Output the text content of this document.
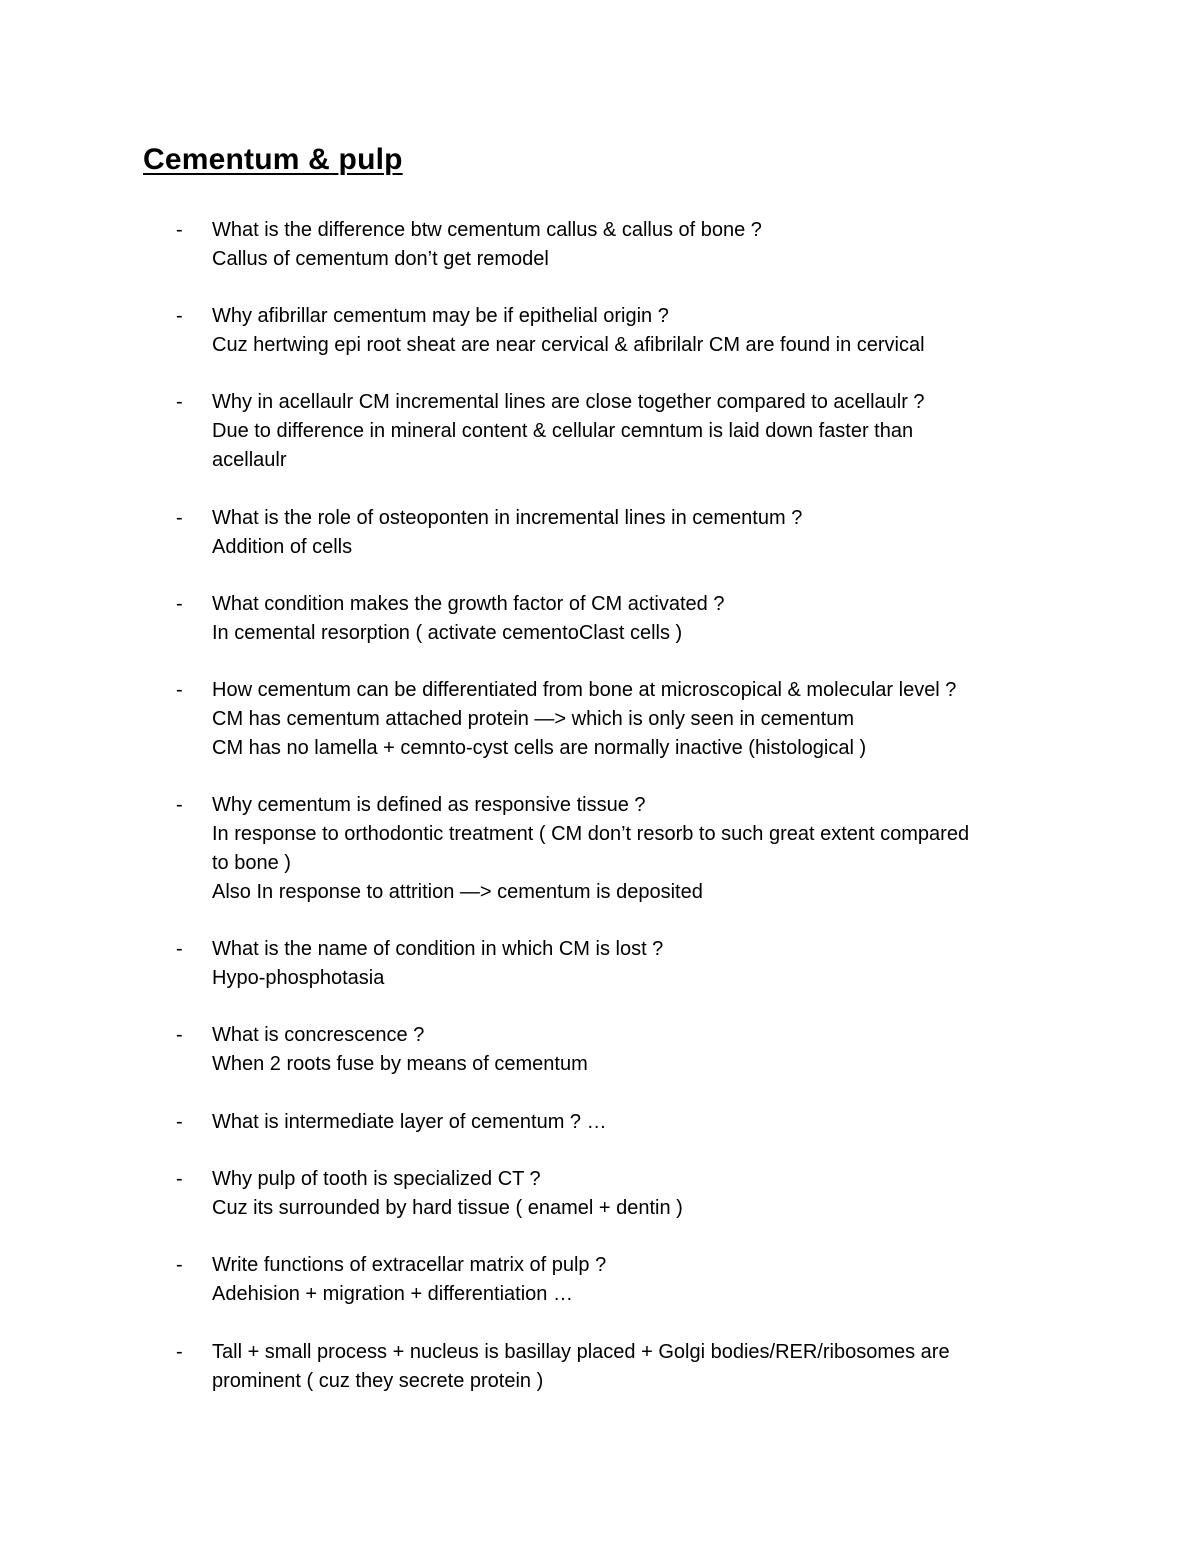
Cementum & pulp
- What is the difference btw cementum callus & callus of bone ?
Callus of cementum don’t get remodel
- Why afibrillar cementum may be if epithelial origin ?
Cuz hertwing epi root sheat are near cervical & afibrilalr CM are found in cervical
- Why in acellaulr CM incremental lines are close together compared to acellaulr ?
Due to difference in mineral content & cellular cemntum is laid down faster than
acellaulr
- What is the role of osteoponten in incremental lines in cementum ?
Addition of cells
- What condition makes the growth factor of CM activated ?
In cemental resorption ( activate cementoClast cells )
- How cementum can be differentiated from bone at microscopical & molecular level ?
CM has cementum attached protein —> which is only seen in cementum
CM has no lamella + cemnto-cyst cells are normally inactive (histological )
- Why cementum is defined as responsive tissue ?
In response to orthodontic treatment ( CM don’t resorb to such great extent compared
to bone )
Also In response to attrition —> cementum is deposited
- What is the name of condition in which CM is lost ?
Hypo-phosphotasia
- What is concrescence ?
When 2 roots fuse by means of cementum
- What is intermediate layer of cementum ? …
- Why pulp of tooth is specialized CT ?
Cuz its surrounded by hard tissue ( enamel + dentin )
- Write functions of extracellar matrix of pulp ?
Adehision + migration + differentiation …
- Tall + small process + nucleus is basillay placed + Golgi bodies/RER/ribosomes are
prominent ( cuz they secrete protein )
